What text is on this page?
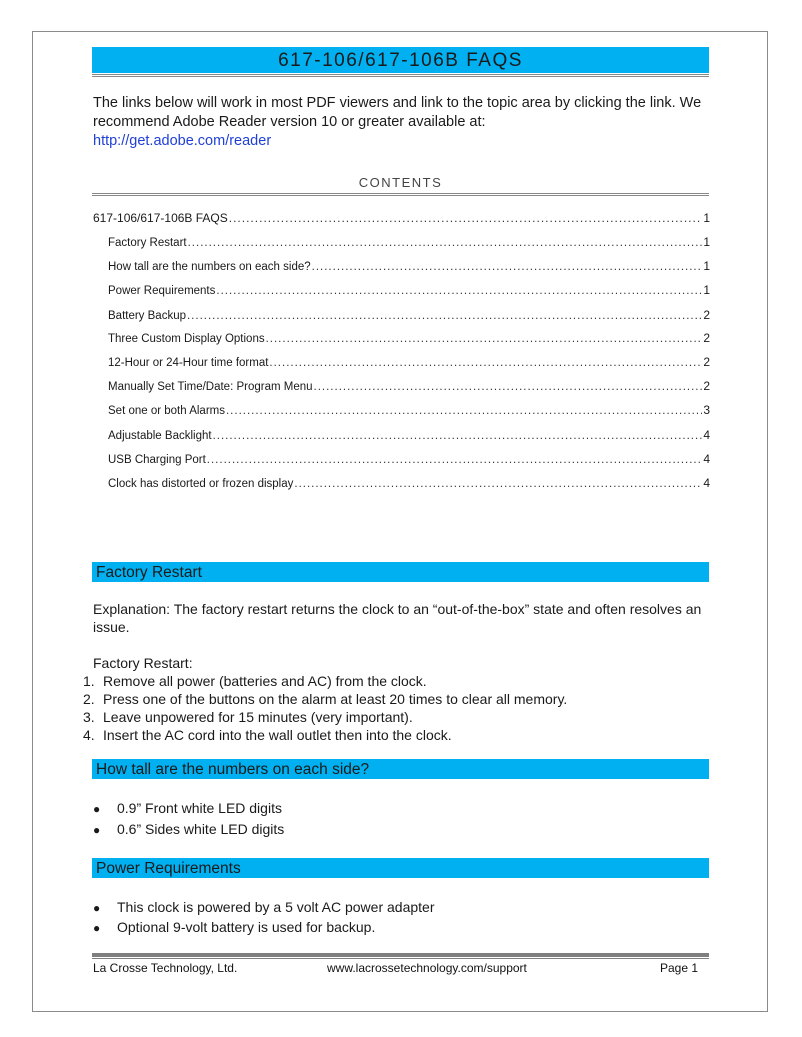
617-106/617-106B FAQS
The links below will work in most PDF viewers and link to the topic area by clicking the link. We recommend Adobe Reader version 10 or greater available at:
http://get.adobe.com/reader
CONTENTS
617-106/617-106B FAQS .....	1
Factory Restart .....	1
How tall are the numbers on each side? .....	1
Power Requirements .....	1
Battery Backup .....	2
Three Custom Display Options .....	2
12-Hour or 24-Hour time format .....	2
Manually Set Time/Date: Program Menu .....	2
Set one or both Alarms .....	3
Adjustable Backlight .....	4
USB Charging Port .....	4
Clock has distorted or frozen display .....	4
Factory Restart
Explanation: The factory restart returns the clock to an “out-of-the-box” state and often resolves an issue.
Factory Restart:
1. Remove all power (batteries and AC) from the clock.
2. Press one of the buttons on the alarm at least 20 times to clear all memory.
3. Leave unpowered for 15 minutes (very important).
4. Insert the AC cord into the wall outlet then into the clock.
How tall are the numbers on each side?
● 0.9” Front white LED digits
● 0.6” Sides white LED digits
Power Requirements
● This clock is powered by a 5 volt AC power adapter
● Optional 9-volt battery is used for backup.
La Crosse Technology, Ltd.	www.lacrossetechnology.com/support	Page 1
